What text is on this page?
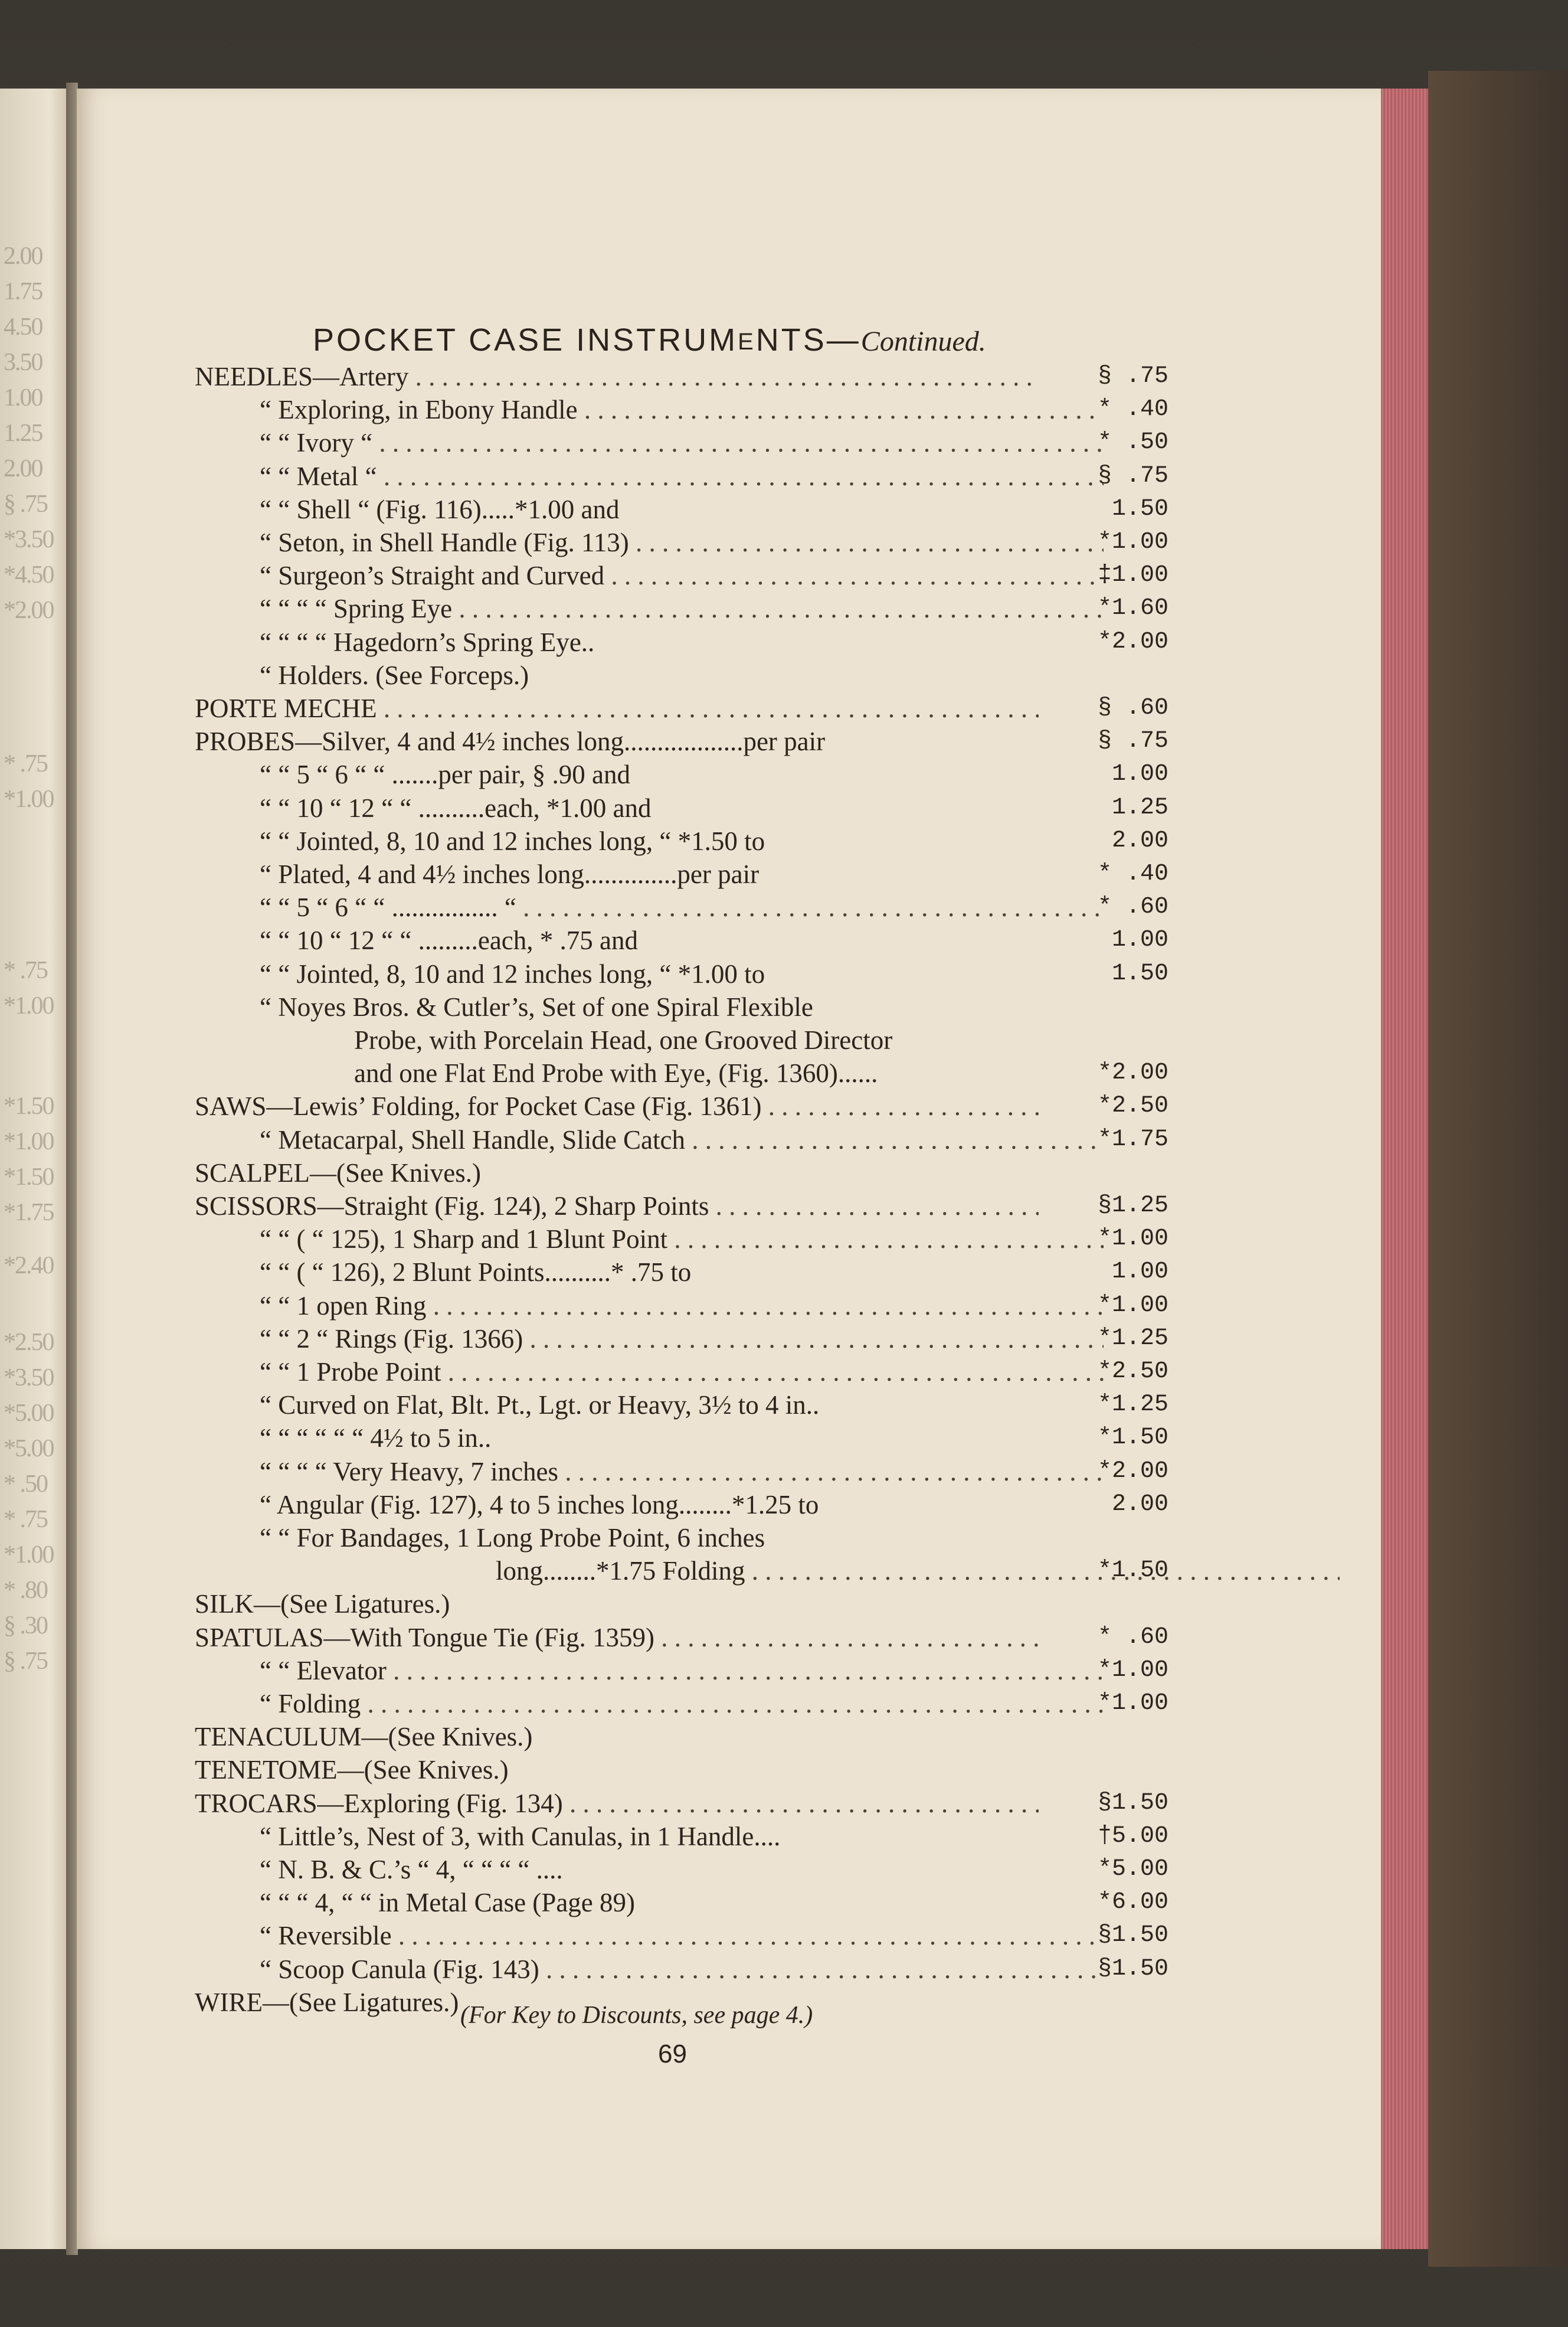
2.00
1.75
4.50
3.50
1.00
1.25
2.00
§ .75
*3.50
*4.50
*2.00
* .75
*1.00
* .75
*1.00
*1.50
*1.00
*1.50
*1.75
*2.40
*2.50
*3.50
*5.00
*5.00
* .50
* .75
*1.00
* .80
§ .30
§ .75
POCKET CASE INSTRUMENTS—Continued.
NEEDLES—Artery . . .	§ .75
“ Exploring, in Ebony Handle . . .	* .40
“ “ Ivory “ . . .	* .50
“ “ Metal “ . . .	§ .75
“ “ Shell “ (Fig. 116).....*1.00 and	1.50
“ Seton, in Shell Handle (Fig. 113) . . .	*1.00
“ Surgeon’s Straight and Curved . . .	‡1.00
“ “ “ “ Spring Eye . . .	*1.60
“ “ “ “ Hagedorn’s Spring Eye..	*2.00
“ Holders. (See Forceps.)
PORTE MECHE . . .	§ .60
PROBES—Silver, 4 and 4½ inches long..................per pair	§ .75
“ “ 5 “ 6 “ “ .......per pair, § .90 and	1.00
“ “ 10 “ 12 “ “ ..........each, *1.00 and	1.25
“ “ Jointed, 8, 10 and 12 inches long, “ *1.50 to	2.00
“ Plated, 4 and 4½ inches long..............per pair	* .40
“ “ 5 “ 6 “ “ ................ “ . . .	* .60
“ “ 10 “ 12 “ “ .........each, * .75 and	1.00
“ “ Jointed, 8, 10 and 12 inches long, “ *1.00 to	1.50
“ Noyes Bros. & Cutler’s, Set of one Spiral Flexible
Probe, with Porcelain Head, one Grooved Director
and one Flat End Probe with Eye, (Fig. 1360)......	*2.00
SAWS—Lewis’ Folding, for Pocket Case (Fig. 1361) . . .	*2.50
“ Metacarpal, Shell Handle, Slide Catch . . .	*1.75
SCALPEL—(See Knives.)
SCISSORS—Straight (Fig. 124), 2 Sharp Points . . .	§1.25
“ “ ( “ 125), 1 Sharp and 1 Blunt Point . . .	*1.00
“ “ ( “ 126), 2 Blunt Points..........* .75 to	1.00
“ “ 1 open Ring . . .	*1.00
“ “ 2 “ Rings (Fig. 1366) . . .	*1.25
“ “ 1 Probe Point . . .	*2.50
“ Curved on Flat, Blt. Pt., Lgt. or Heavy, 3½ to 4 in..	*1.25
“ “ “ “ “ “ 4½ to 5 in..	*1.50
“ “ “ “ Very Heavy, 7 inches . . .	*2.00
“ Angular (Fig. 127), 4 to 5 inches long........*1.25 to	2.00
“ “ For Bandages, 1 Long Probe Point, 6 inches
long........*1.75 Folding . . .	*1.50
SILK—(See Ligatures.)
SPATULAS—With Tongue Tie (Fig. 1359) . . .	* .60
“ “ Elevator . . .	*1.00
“ Folding . . .	*1.00
TENACULUM—(See Knives.)
TENETOME—(See Knives.)
TROCARS—Exploring (Fig. 134) . . .	§1.50
“ Little’s, Nest of 3, with Canulas, in 1 Handle....	†5.00
“ N. B. & C.’s “ 4, “ “ “ “ ....	*5.00
“ “ “ 4, “ “ in Metal Case (Page 89)	*6.00
“ Reversible . . .	§1.50
“ Scoop Canula (Fig. 143) . . .	§1.50
WIRE—(See Ligatures.) (For Key to Discounts, see page 4.)
69
